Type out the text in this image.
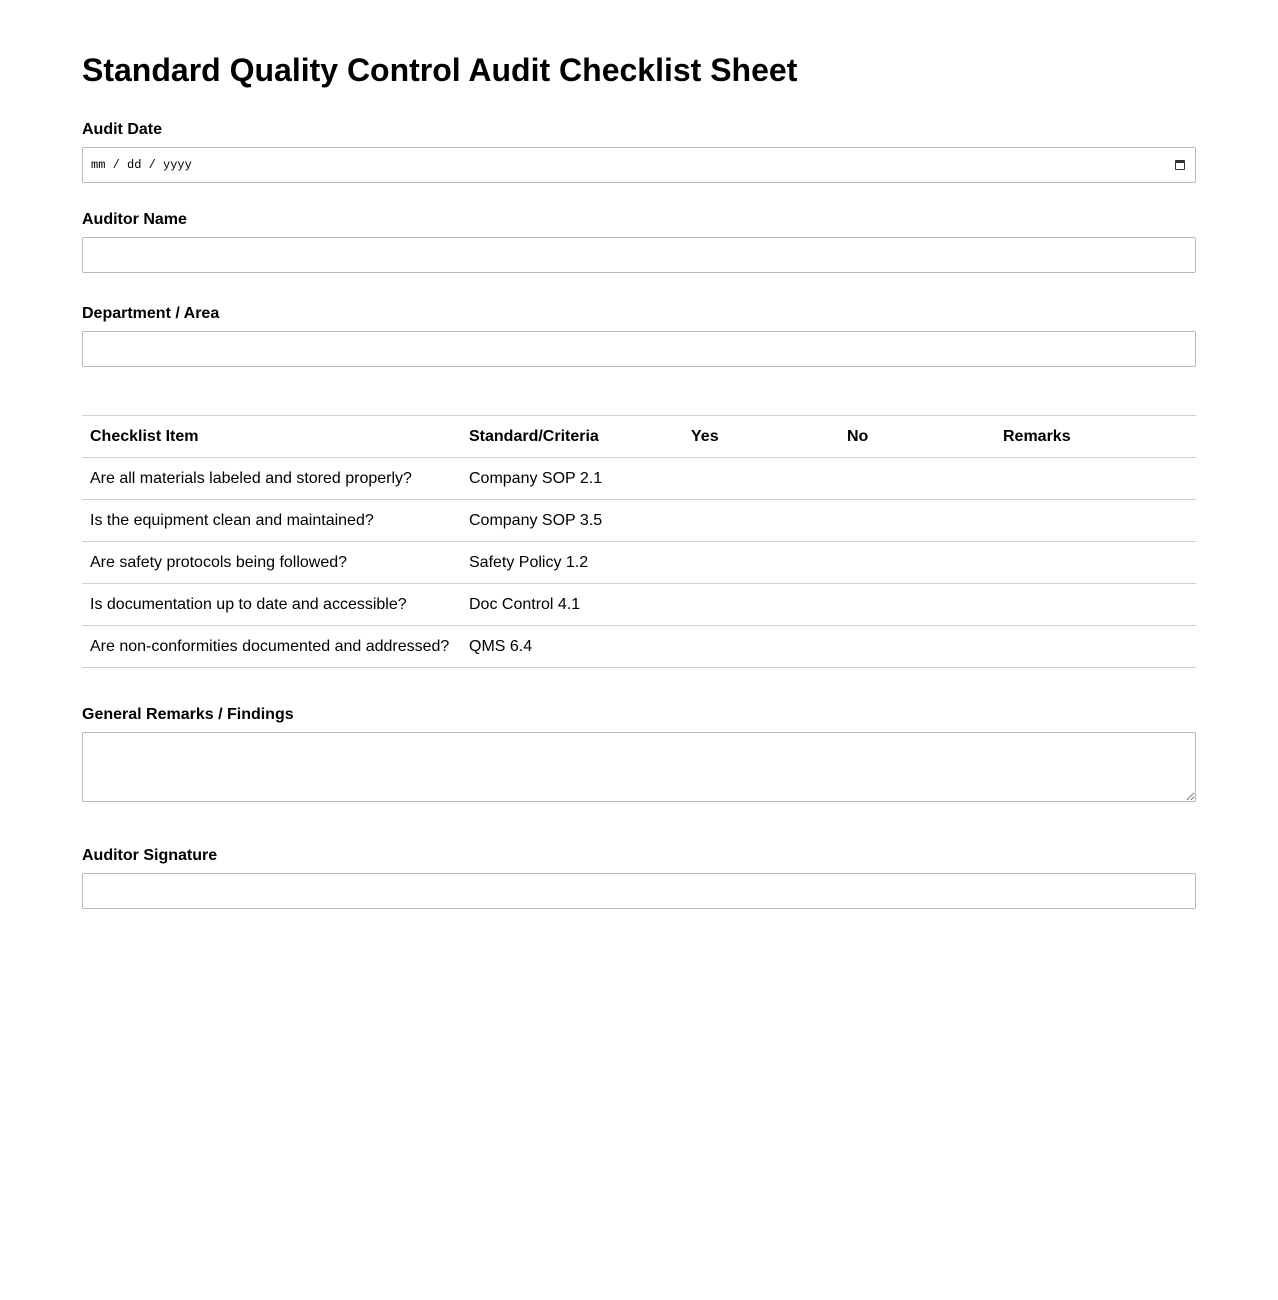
Standard Quality Control Audit Checklist Sheet
Audit Date
mm / dd / yyyy
Auditor Name
Department / Area
Checklist Item	Standard/Criteria	Yes	No	Remarks
Are all materials labeled and stored properly?	Company SOP 2.1			
Is the equipment clean and maintained?	Company SOP 3.5			
Are safety protocols being followed?	Safety Policy 1.2			
Is documentation up to date and accessible?	Doc Control 4.1			
Are non-conformities documented and addressed?	QMS 6.4			
General Remarks / Findings
Auditor Signature
